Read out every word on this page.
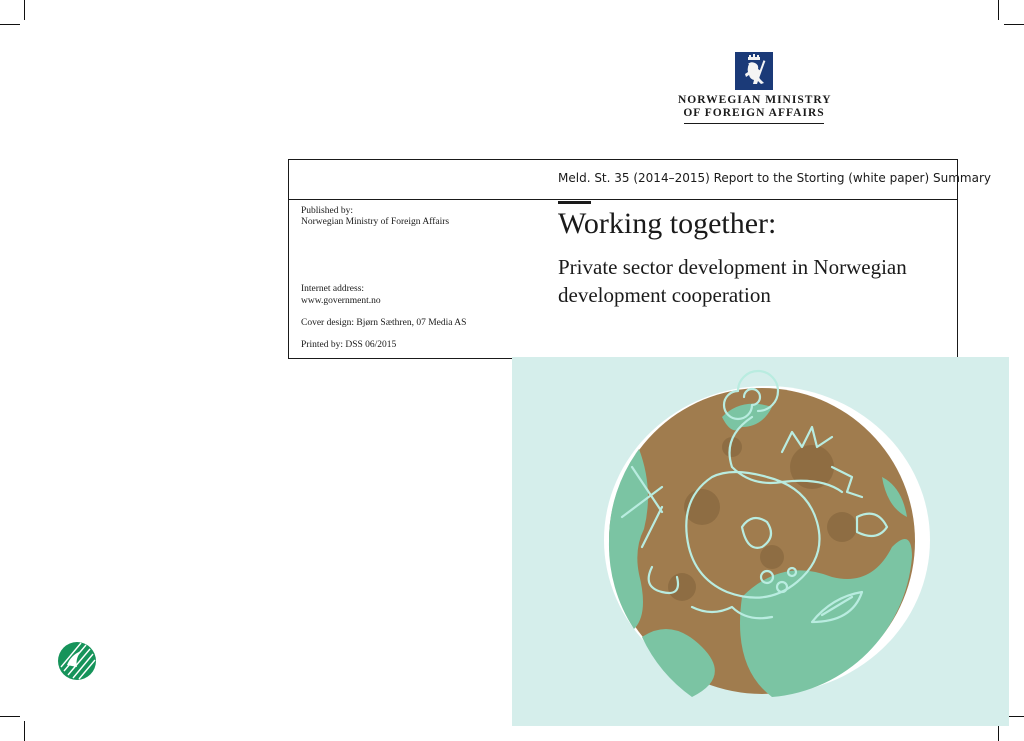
NORWEGIAN MINISTRY
OF FOREIGN AFFAIRS
Meld. St. 35 (2014–2015) Report to the Storting (white paper) Summary
Working together:
Private sector development in Norwegian development cooperation
Published by:
Norwegian Ministry of Foreign Affairs
Internet address:
www.government.no
Cover design: Bjørn Sæthren, 07 Media AS
Printed by: DSS 06/2015
